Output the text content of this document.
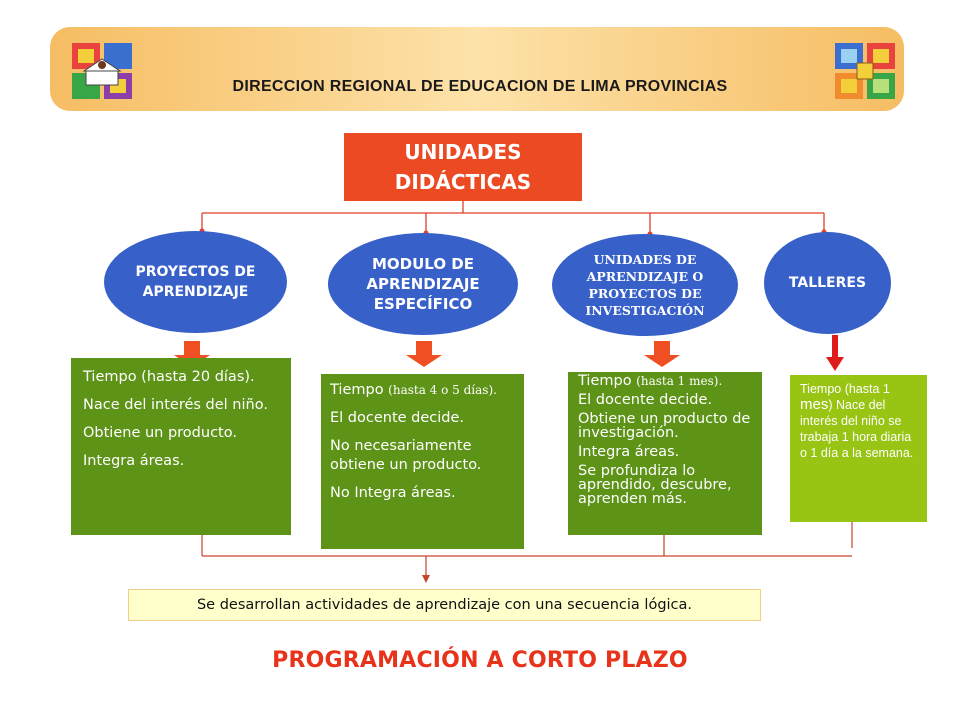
DIRECCION REGIONAL DE EDUCACION DE LIMA PROVINCIAS
UNIDADES
DIDÁCTICAS
PROYECTOS DE
APRENDIZAJE
MODULO DE
APRENDIZAJE
ESPECÍFICO
UNIDADES DE
APRENDIZAJE O
PROYECTOS DE
INVESTIGACIÓN
TALLERES

Tiempo (hasta 20 días).

Nace del interés del niño.

Obtiene un producto.

Integra áreas.

Tiempo (hasta 4 o 5 días).

El docente decide.

No necesariamente obtiene un producto.

No Integra áreas.

Tiempo (hasta 1 mes).

El docente decide.

Obtiene un producto de investigación.

Integra áreas.

Se profundiza lo aprendido, descubre, aprenden más.

Tiempo (hasta 1 mes) Nace del interés del niño se trabaja 1 hora diaria o 1 día a la semana.
Se desarrollan actividades de aprendizaje con una secuencia lógica.
PROGRAMACIÓN A CORTO PLAZO
